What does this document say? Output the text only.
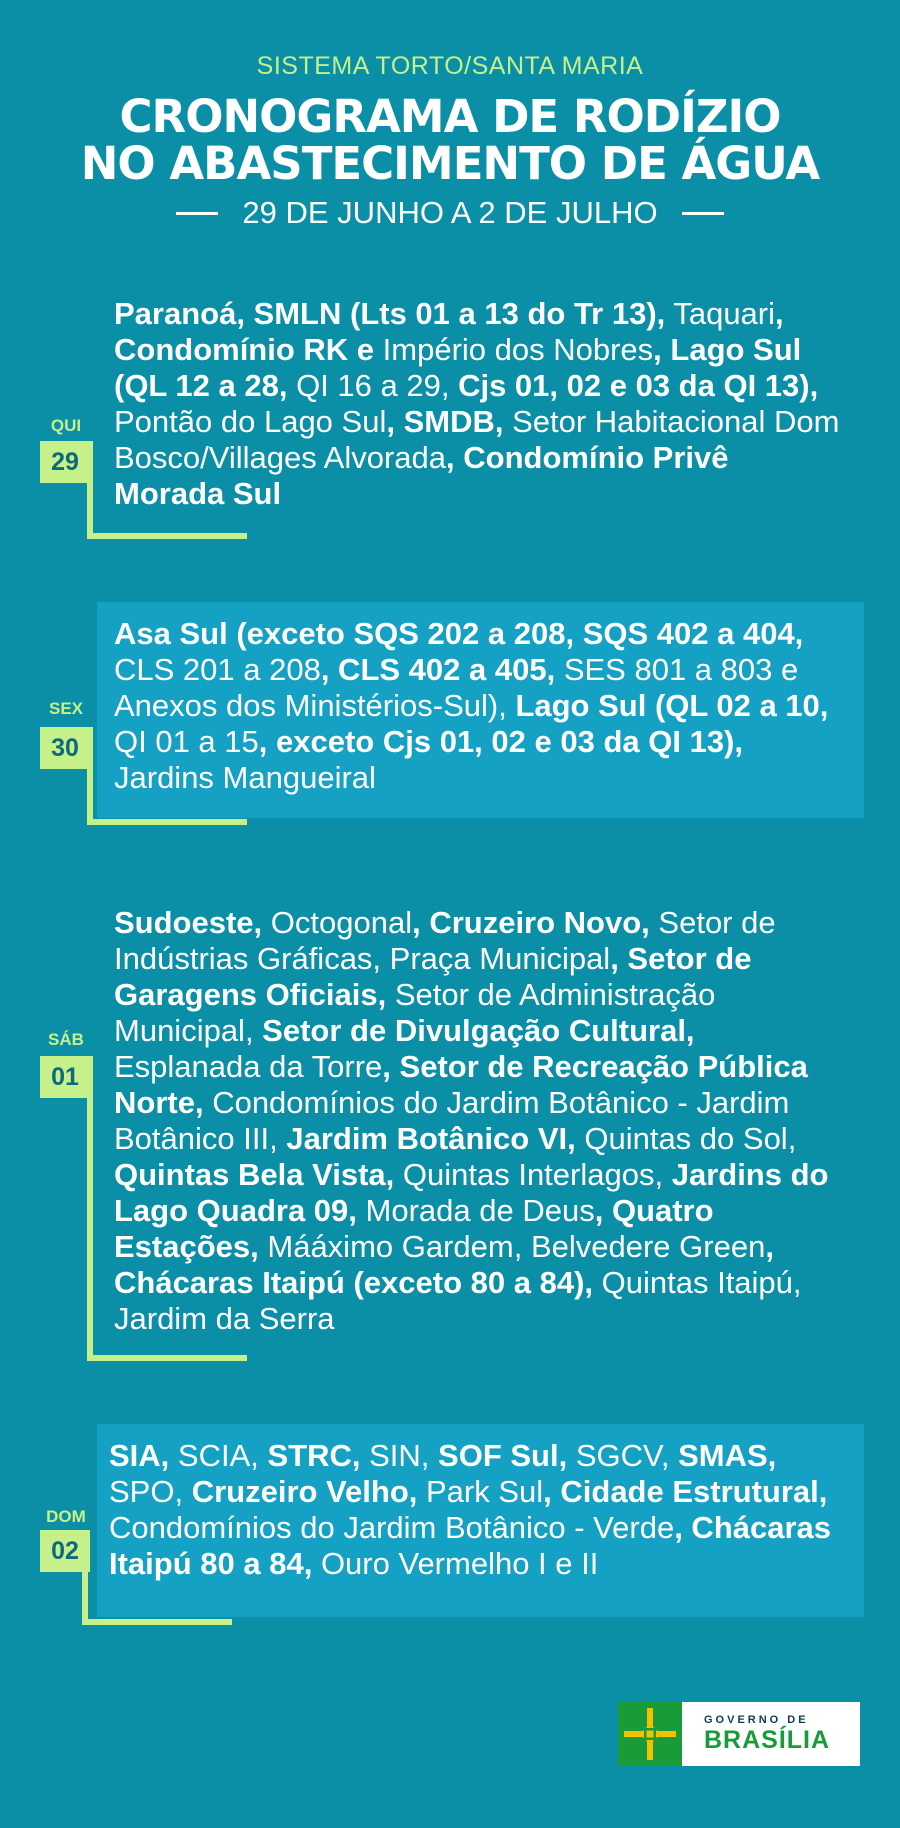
SISTEMA TORTO/SANTA MARIA
CRONOGRAMA DE RODÍZIO
NO ABASTECIMENTO DE ÁGUA
29 DE JUNHO A 2 DE JULHO
Paranoá, SMLN (Lts 01 a 13 do Tr 13), Taquari, Condomínio RK e Império dos Nobres, Lago Sul (QL 12 a 28, QI 16 a 29, Cjs 01, 02 e 03 da QI 13), Pontão do Lago Sul, SMDB, Setor Habitacional Dom Bosco/Villages Alvorada, Condomínio Privê Morada Sul
QUI
29
Asa Sul (exceto SQS 202 a 208, SQS 402 a 404, CLS 201 a 208, CLS 402 a 405, SES 801 a 803 e Anexos dos Ministérios-Sul), Lago Sul (QL 02 a 10, QI 01 a 15, exceto Cjs 01, 02 e 03 da QI 13), Jardins Mangueiral
SEX
30
Sudoeste, Octogonal, Cruzeiro Novo, Setor de Indústrias Gráficas, Praça Municipal, Setor de Garagens Oficiais, Setor de Administração Municipal, Setor de Divulgação Cultural, Esplanada da Torre, Setor de Recreação Pública Norte, Condomínios do Jardim Botânico - Jardim Botânico III, Jardim Botânico VI, Quintas do Sol, Quintas Bela Vista, Quintas Interlagos, Jardins do Lago Quadra 09, Morada de Deus, Quatro Estações, Mááximo Gardem, Belvedere Green, Chácaras Itaipú (exceto 80 a 84), Quintas Itaipú, Jardim da Serra
SÁB
01
SIA, SCIA, STRC, SIN, SOF Sul, SGCV, SMAS, SPO, Cruzeiro Velho, Park Sul, Cidade Estrutural, Condomínios do Jardim Botânico - Verde, Chácaras Itaipú 80 a 84, Ouro Vermelho I e II
DOM
02
GOVERNO DE
BRASÍLIA
